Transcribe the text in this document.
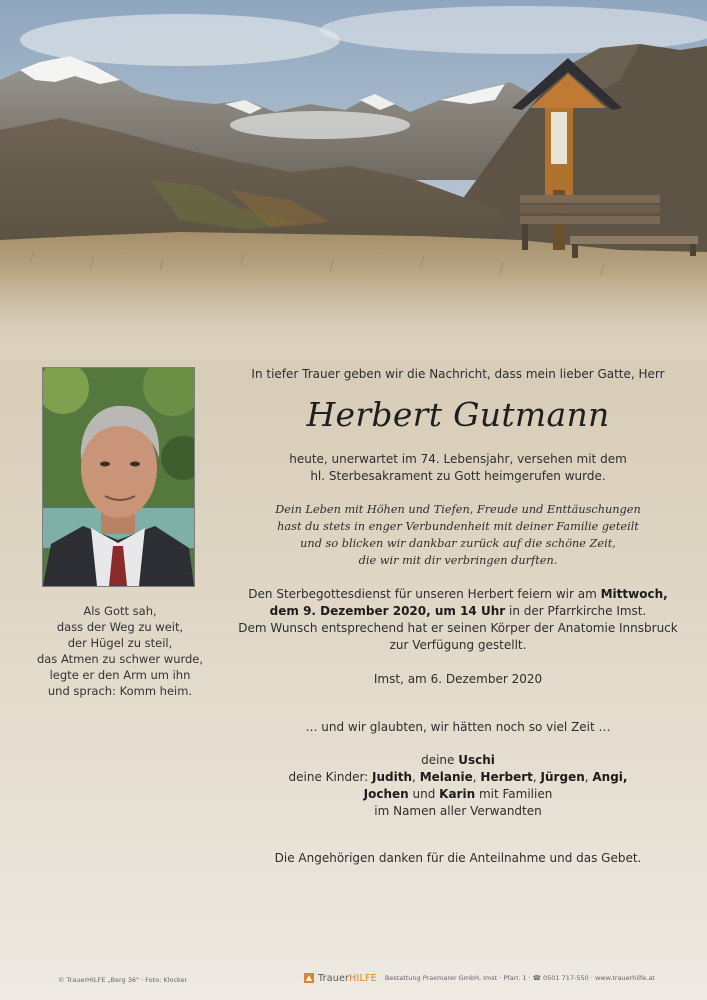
Als Gott sah,
dass der Weg zu weit,
der Hügel zu steil,
das Atmen zu schwer wurde,
legte er den Arm um ihn
und sprach: Komm heim.
In tiefer Trauer geben wir die Nachricht, dass mein lieber Gatte, Herr
Herbert Gutmann
heute, unerwartet im 74. Lebensjahr, versehen mit dem
hl. Sterbesakrament zu Gott heimgerufen wurde.
Dein Leben mit Höhen und Tiefen, Freude und Enttäuschungen
hast du stets in enger Verbundenheit mit deiner Familie geteilt
und so blicken wir dankbar zurück auf die schöne Zeit,
die wir mit dir verbringen durften.
Den Sterbegottesdienst für unseren Herbert feiern wir am Mittwoch,
dem 9. Dezember 2020, um 14 Uhr in der Pfarrkirche Imst.
Dem Wunsch entsprechend hat er seinen Körper der Anatomie Innsbruck
zur Verfügung gestellt.
Imst, am 6. Dezember 2020
… und wir glaubten, wir hätten noch so viel Zeit …
deine Uschi
deine Kinder: Judith, Melanie, Herbert, Jürgen, Angi,
Jochen und Karin mit Familien
im Namen aller Verwandten
Die Angehörigen danken für die Anteilnahme und das Gebet.
© TrauerHILFE „Berg 36" · Foto: Klocker	TrauerHILFE Bestattung Praxmarer GmbH, Imst · Pfarr. 1 · ☎ 0501 717-550 · www.trauerhilfe.at
